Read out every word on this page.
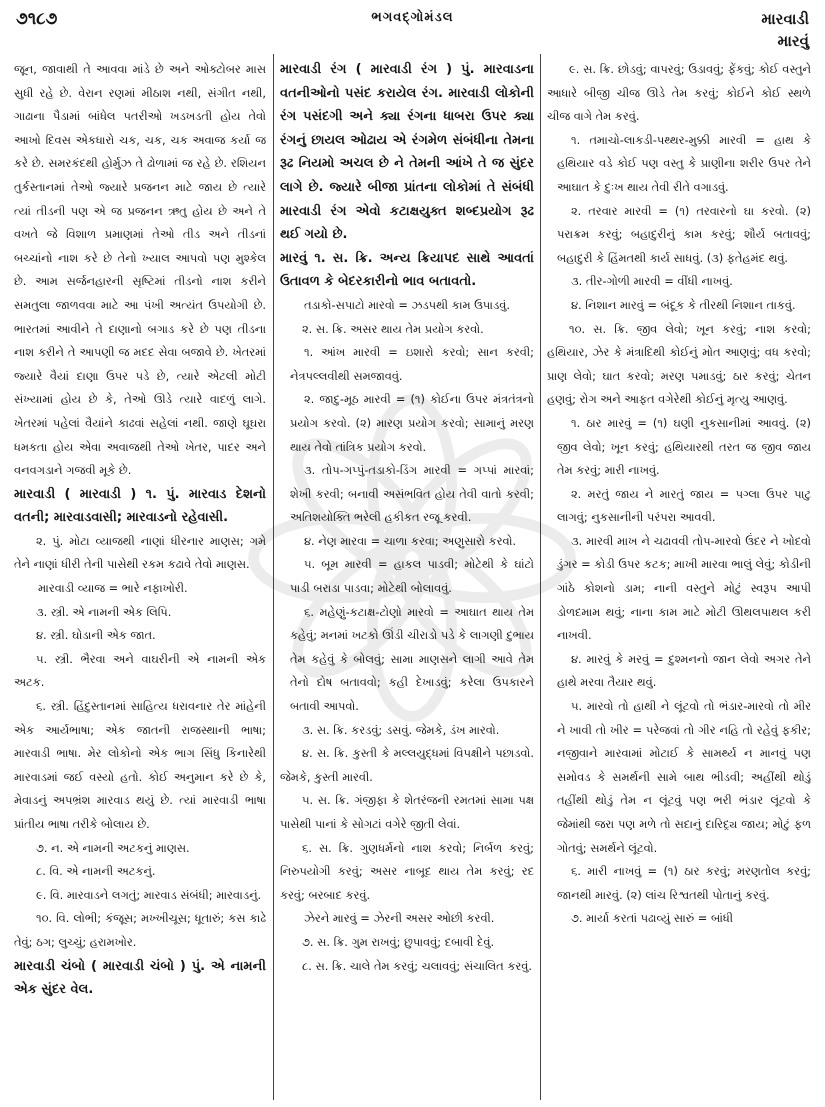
૭૧૮૭	ભગવદ્ગોમંડલ	મારવાડી
મારવું

જૂન, જાવાથી તે આવવા માંડે છે અને ઓક્ટોબર માસ સુધી રહે છે. વેરાન રણમાં મીઠાશ નથી, સંગીત નથી, ગાઢાના પૈડામાં બાંધેલ પતરીઓ ખડખડતી હોય તેવો આખો દિવસ એકધારો ચક, ચક, ચક અવાજ કર્યા જ કરે છે. સમરકંદથી હોર્મુઝ તે ઢોળામાં જ રહે છે. રશિયન તુર્કસ્તાનમાં તેઓ જ્યારે પ્રજનન માટે જાય છે ત્યારે ત્યાં તીડની પણ એ જ પ્રજનન ઋતુ હોય છે અને તે વખતે જે વિશાળ પ્રમાણમાં તેઓ તીડ અને તીડનાં બચ્ચાંનો નાશ કરે છે તેનો ખ્યાલ આપવો પણ મુશ્કેલ છે. આમ સર્જનહારની સૃષ્ટિમાં તીડનો નાશ કરીને સમતુલા જાળવવા માટે આ પંખી અત્યંત ઉપયોગી છે. ભારતમાં આવીને તે દાણાનો બગાડ કરે છે પણ તીડના નાશ કરીને તે આપણી જ મદદ સેવા બજાવે છે. ખેતરમાં જ્યારે વૈયાં દાણા ઉપર પડે છે, ત્યારે એટલી મોટી સંખ્યામાં હોય છે કે, તેઓ ઊડે ત્યારે વાદળું લાગે. ખેતરમાં પહેલાં વૈયાંને કાઢવાં સહેલાં નથી. જાણે ઘૂઘરા ધમકતા હોય એવા અવાજથી તેઓ ખેતર, પાદર અને વનવગડાને ગજવી મૂકે છે.

મારવાડી ( મારવાડી ) ૧. પું. મારવાડ દેશનો વતની; મારવાડવાસી; મારવાડનો રહેવાસી.

૨. પું. મોટા વ્યાજથી નાણાં ધીરનાર માણસ; ગમે તેને નાણાં ધીરી તેની પાસેથી રકમ કઢાવે તેવો માણસ.

મારવાડી વ્યાજ = ભારે નફાખોરી.

૩. સ્ત્રી. એ નામની એક લિપિ.

૪. સ્ત્રી. ઘોડાની એક જાત.

૫. સ્ત્રી. ભૈરવા અને વાઘરીની એ નામની એક અટક.

૬. સ્ત્રી. હિંદુસ્તાનમાં સાહિત્ય ધરાવનાર તેર માંહેની એક આર્યભાષા; એક જાતની રાજસ્થાની ભાષા; મારવાડી ભાષા. મેર લોકોનો એક ભાગ સિંધુ કિનારેથી મારવાડમાં જઈ વસ્યો હતો. કોઈ અનુમાન કરે છે કે, મેવાડનું અપભ્રંશ મારવાડ થયું છે. ત્યાં મારવાડી ભાષા પ્રાંતીય ભાષા તરીકે બોલાય છે.

૭. ન. એ નામની અટકનું માણસ.

૮. વિ. એ નામની અટકનું.

૯. વિ. મારવાડને લગતું; મારવાડ સંબંધી; મારવાડનું.

૧૦. વિ. લોભી; કંજૂસ; મખ્ખીચૂસ; ધૂતારું; કસ કાઢે તેવું; ઠગ; લુચ્ચું; હરામખોર.

મારવાડી ચંબો ( મારવાડી ચંબો ) પું. એ નામની એક સુંદર વેલ.

મારવાડી રંગ ( મારવાડી રંગ ) પું. મારવાડના વતનીઓનો પસંદ કરાયેલ રંગ. મારવાડી લોકોની રંગ પસંદગી અને ક્યા રંગના ધાબરા ઉપર ક્યા રંગનું છાયલ ઓઢાય એ રંગમેળ સંબંધીના તેમના રૂઢ નિયમો અચલ છે ને તેમની આંખે તે જ સુંદર લાગે છે. જ્યારે બીજા પ્રાંતના લોકોમાં તે સંબંધી મારવાડી રંગ એવો કટાક્ષયુક્ત શબ્દપ્રયોગ રૂઢ થઈ ગયો છે.

મારવું ૧. સ. ક્રિ. અન્ય ક્રિયાપદ સાથે આવતાં ઉતાવળ કે બેદરકારીનો ભાવ બતાવતો.

તડાકો-સપાટો મારવો = ઝડપથી કામ ઉપાડવું.

૨. સ. ક્રિ. અસર થાય તેમ પ્રયોગ કરવો.

૧. આંખ મારવી = ઇશારો કરવો; સાન કરવી; નેત્રપલ્લવીથી સમજાવવું.

૨. જાદુ-મૂઠ મારવી = (૧) કોઈના ઉપર મંત્રતંત્રનો પ્રયોગ કરવો. (૨) મારણ પ્રયોગ કરવો; સામાનું મરણ થાય તેવો તાંત્રિક પ્રયોગ કરવો.

૩. તોપ-ગપ્પું-તડાકો-ડિંગ મારવી = ગપ્પાં મારવાં; શેખી કરવી; બનાવી અસંભવિત હોય તેવી વાતો કરવી; અતિશયોક્તિ ભરેલી હકીકત રજૂ કરવી.

૪. નેણ મારવા = ચાળા કરવા; અણુસારો કરવો.

૫. બૂમ મારવી = હાકલ પાડવી; મોટેથી કે ઘાંટો પાડી બરાડા પાડવા; મોટેથી બોલાવવું.

૬. મહેણું-કટાક્ષ-ટોણો મારવો = આઘાત થાય તેમ કહેવું; મનમાં ખટકો ઊંડી ચીરાડો પડે કે લાગણી દુભાય તેમ કહેવું કે બોલવું; સામા માણસને લાગી આવે તેમ તેનો દોષ બતાવવો; કહી દેખાડવું; કરેલા ઉપકારને બતાવી આપવો.

૩. સ. ક્રિ. કરડવું; ડસવું. જેમકે, ડંખ મારવો.

૪. સ. ક્રિ. કુસ્તી કે મલ્લયુદ્ધમાં વિપક્ષીને પછાડવો. જેમકે, કુસ્તી મારવી.

૫. સ. ક્રિ. ગંજીફા કે શેતરંજની રમતમાં સામા પક્ષ પાસેથી પાનાં કે સોગટાં વગેરે જીતી લેવાં.

૬. સ. ક્રિ. ગુણધર્મનો નાશ કરવો; નિર્બળ કરવું; નિરુપયોગી કરવું; અસર નાબૂદ થાય તેમ કરવું; રદ કરવું; બરબાદ કરવું.

ઝેરને મારવું = ઝેરની અસર ઓછી કરવી.

૭. સ. ક્રિ. ગુમ રાખવું; છુપાવવું; દબાવી દેવું.

૮. સ. ક્રિ. ચાલે તેમ કરવું; ચલાવવું; સંચાલિત કરવું.

૯. સ. ક્રિ. છોડવું; વાપરવું; ઉડાવવું; ફેંકવું; કોઈ વસ્તુને આધારે બીજી ચીજ ઊડે તેમ કરવું; કોઈને કોઈ સ્થળે ચીજ વાગે તેમ કરવું.

૧. તમાચો-લાકડી-પથ્થર-મુક્કી મારવી = હાથ કે હથિયાર વડે કોઈ પણ વસ્તુ કે પ્રાણીના શરીર ઉપર તેને આઘાત કે દુઃખ થાય તેવી રીતે વગાડવું.

૨. તરવાર મારવી = (૧) તરવારનો ઘા કરવો. (૨) પરાક્રમ કરવું; બહાદુરીનું કામ કરવું; શૌર્ય બતાવવું; બહાદુરી કે હિંમતથી કાર્ય સાધવું. (૩) ફતેહમંદ થવું.

૩. તીર-ગોળી મારવી = વીંધી નાખવું.

૪. નિશાન મારવું = બંદૂક કે તીરથી નિશાન તાકવું.

૧૦. સ. ક્રિ. જીવ લેવો; ખૂન કરવું; નાશ કરવો; હથિયાર, ઝેર કે મંત્રાદિથી કોઈનું મોત આણવું; વધ કરવો; પ્રાણ લેવો; ઘાત કરવો; મરણ પમાડવું; ઠાર કરવું; ચેતન હણવું; રોગ અને આફત વગેરેથી કોઈનું મૃત્યુ આણવું.

૧. ઠાર મારવું = (૧) ઘણી નુકસાનીમાં આવવું. (૨) જીવ લેવો; ખૂન કરવું; હથિયારથી તરત જ જીવ જાય તેમ કરવું; મારી નાખવું.

૨. મરતું જાય ને મારતું જાય = પગ્લા ઉપર પાટુ લાગવું; નુકસાનીની પરંપરા આવવી.

૩. મારવી માખ ને ચઢાવવી તોપ-મારવો ઉંદર ને ખોદવો ડુંગર = કોડી ઉપર કટક; માખી મારવા ભાલું લેવું; કોડીની ગાંઠે કોશનો ડામ; નાની વસ્તુને મોટું સ્વરૂપ આપી ડોળદમામ થવું; નાના કામ માટે મોટી ઊથલપાથલ કરી નાખવી.

૪. મારવું કે મરવું = દુશ્મનનો જાન લેવો અગર તેને હાથે મરવા તૈયાર થવું.

૫. મારવો તો હાથી ને લૂંટવો તો ભંડાર-મારવો તો મીર ને ખાવી તો ખીર = પરેજવાં તો ગીર નહિ તો રહેવું ફકીર; નજીવાને મારવામાં મોટાઈ કે સામર્થ્ય ન માનવું પણ સમોવડ કે સમર્થની સામે બાથ ભીડવી; અહીંથી થોડું તહીંથી થોડું તેમ ન લૂંટવું પણ ભરી ભંડાર લૂંટવો કે જેમાંથી જરા પણ મળે તો સદાનું દારિદ્ર્ય જાય; મોટું ફળ ગોતવું; સમર્થને લૂંટવો.

૬. મારી નાખવું = (૧) ઠાર કરવું; મરણતોલ કરવું; જાનથી મારવું. (૨) લાંચ રિશ્વતથી પોતાનું કરવું.

૭. માર્યા કરતાં પઢાવ્યું સારું = બાંધી
